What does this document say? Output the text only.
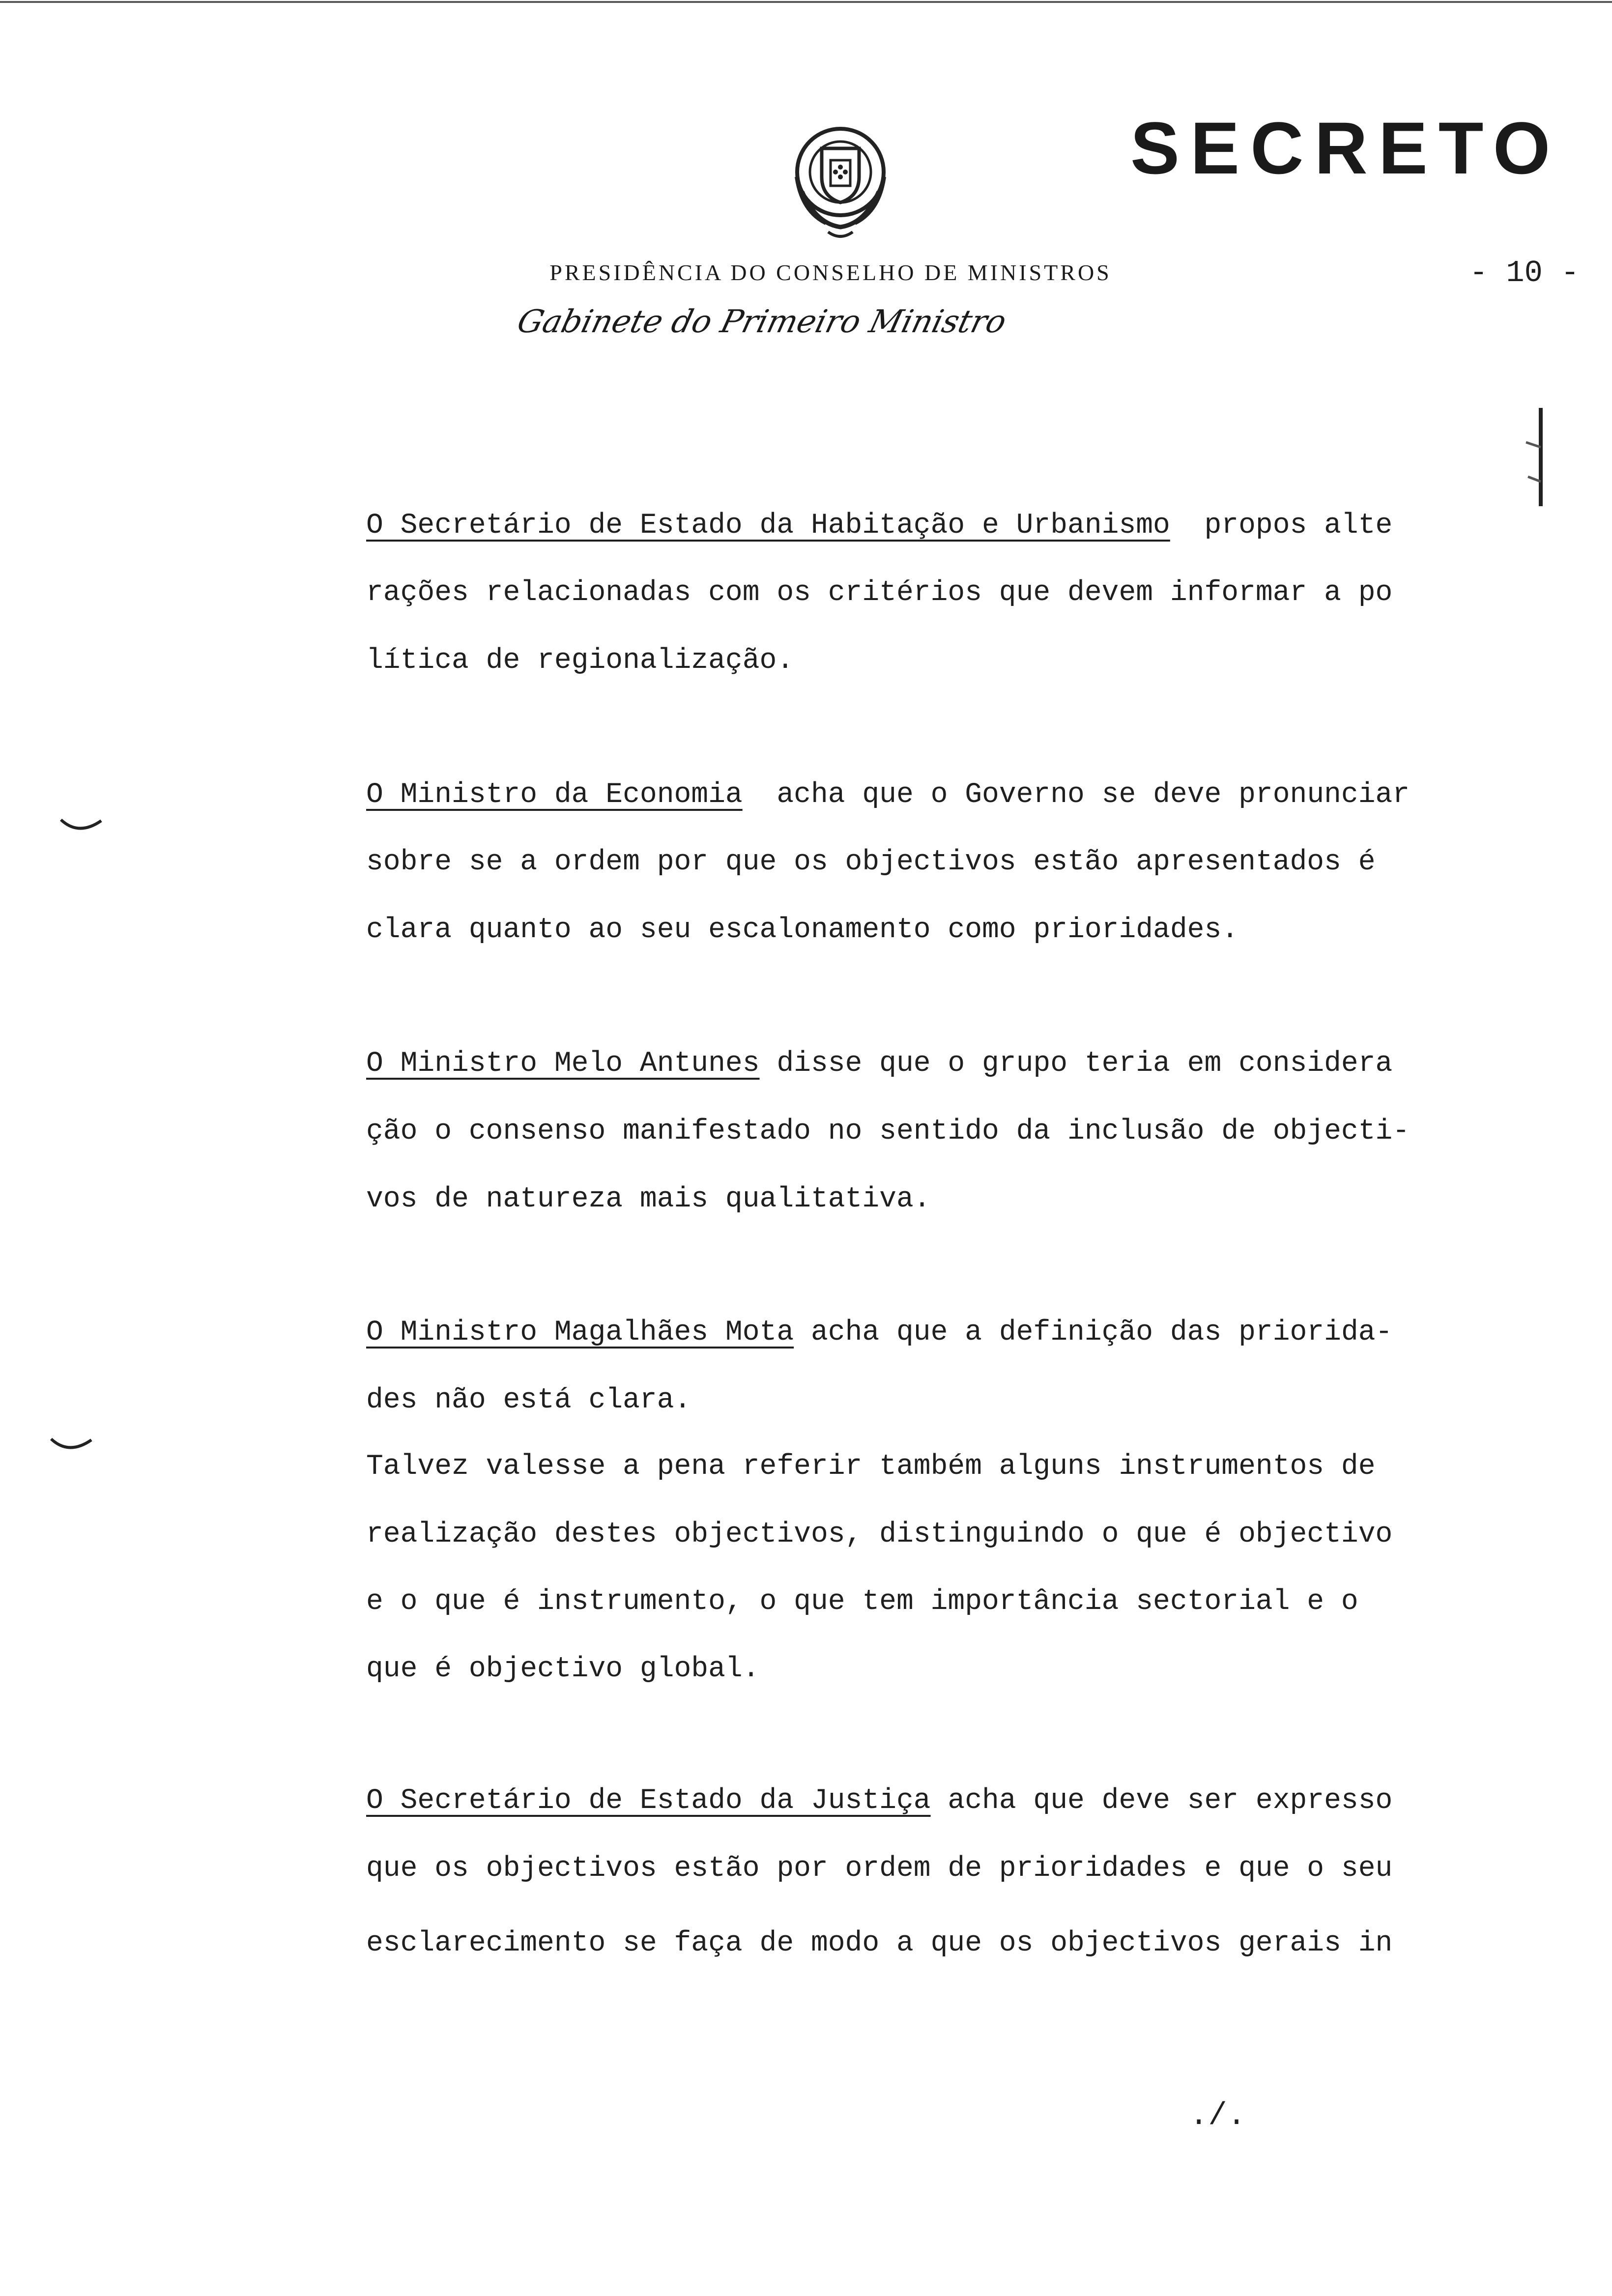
SECRETO
PRESIDÊNCIA DO CONSELHO DE MINISTROS
Gabinete do Primeiro Ministro
- 10 -
O Secretário de Estado da Habitação e Urbanismo  propos alte
rações relacionadas com os critérios que devem informar a po
lítica de regionalização.
O Ministro da Economia  acha que o Governo se deve pronunciar
sobre se a ordem por que os objectivos estão apresentados é
clara quanto ao seu escalonamento como prioridades.
O Ministro Melo Antunes disse que o grupo teria em considera
ção o consenso manifestado no sentido da inclusão de objecti-
vos de natureza mais qualitativa.
O Ministro Magalhães Mota acha que a definição das priorida-
des não está clara.
Talvez valesse a pena referir também alguns instrumentos de
realização destes objectivos, distinguindo o que é objectivo
e o que é instrumento, o que tem importância sectorial e o
que é objectivo global.
O Secretário de Estado da Justiça acha que deve ser expresso
que os objectivos estão por ordem de prioridades e que o seu
esclarecimento se faça de modo a que os objectivos gerais in
./.
